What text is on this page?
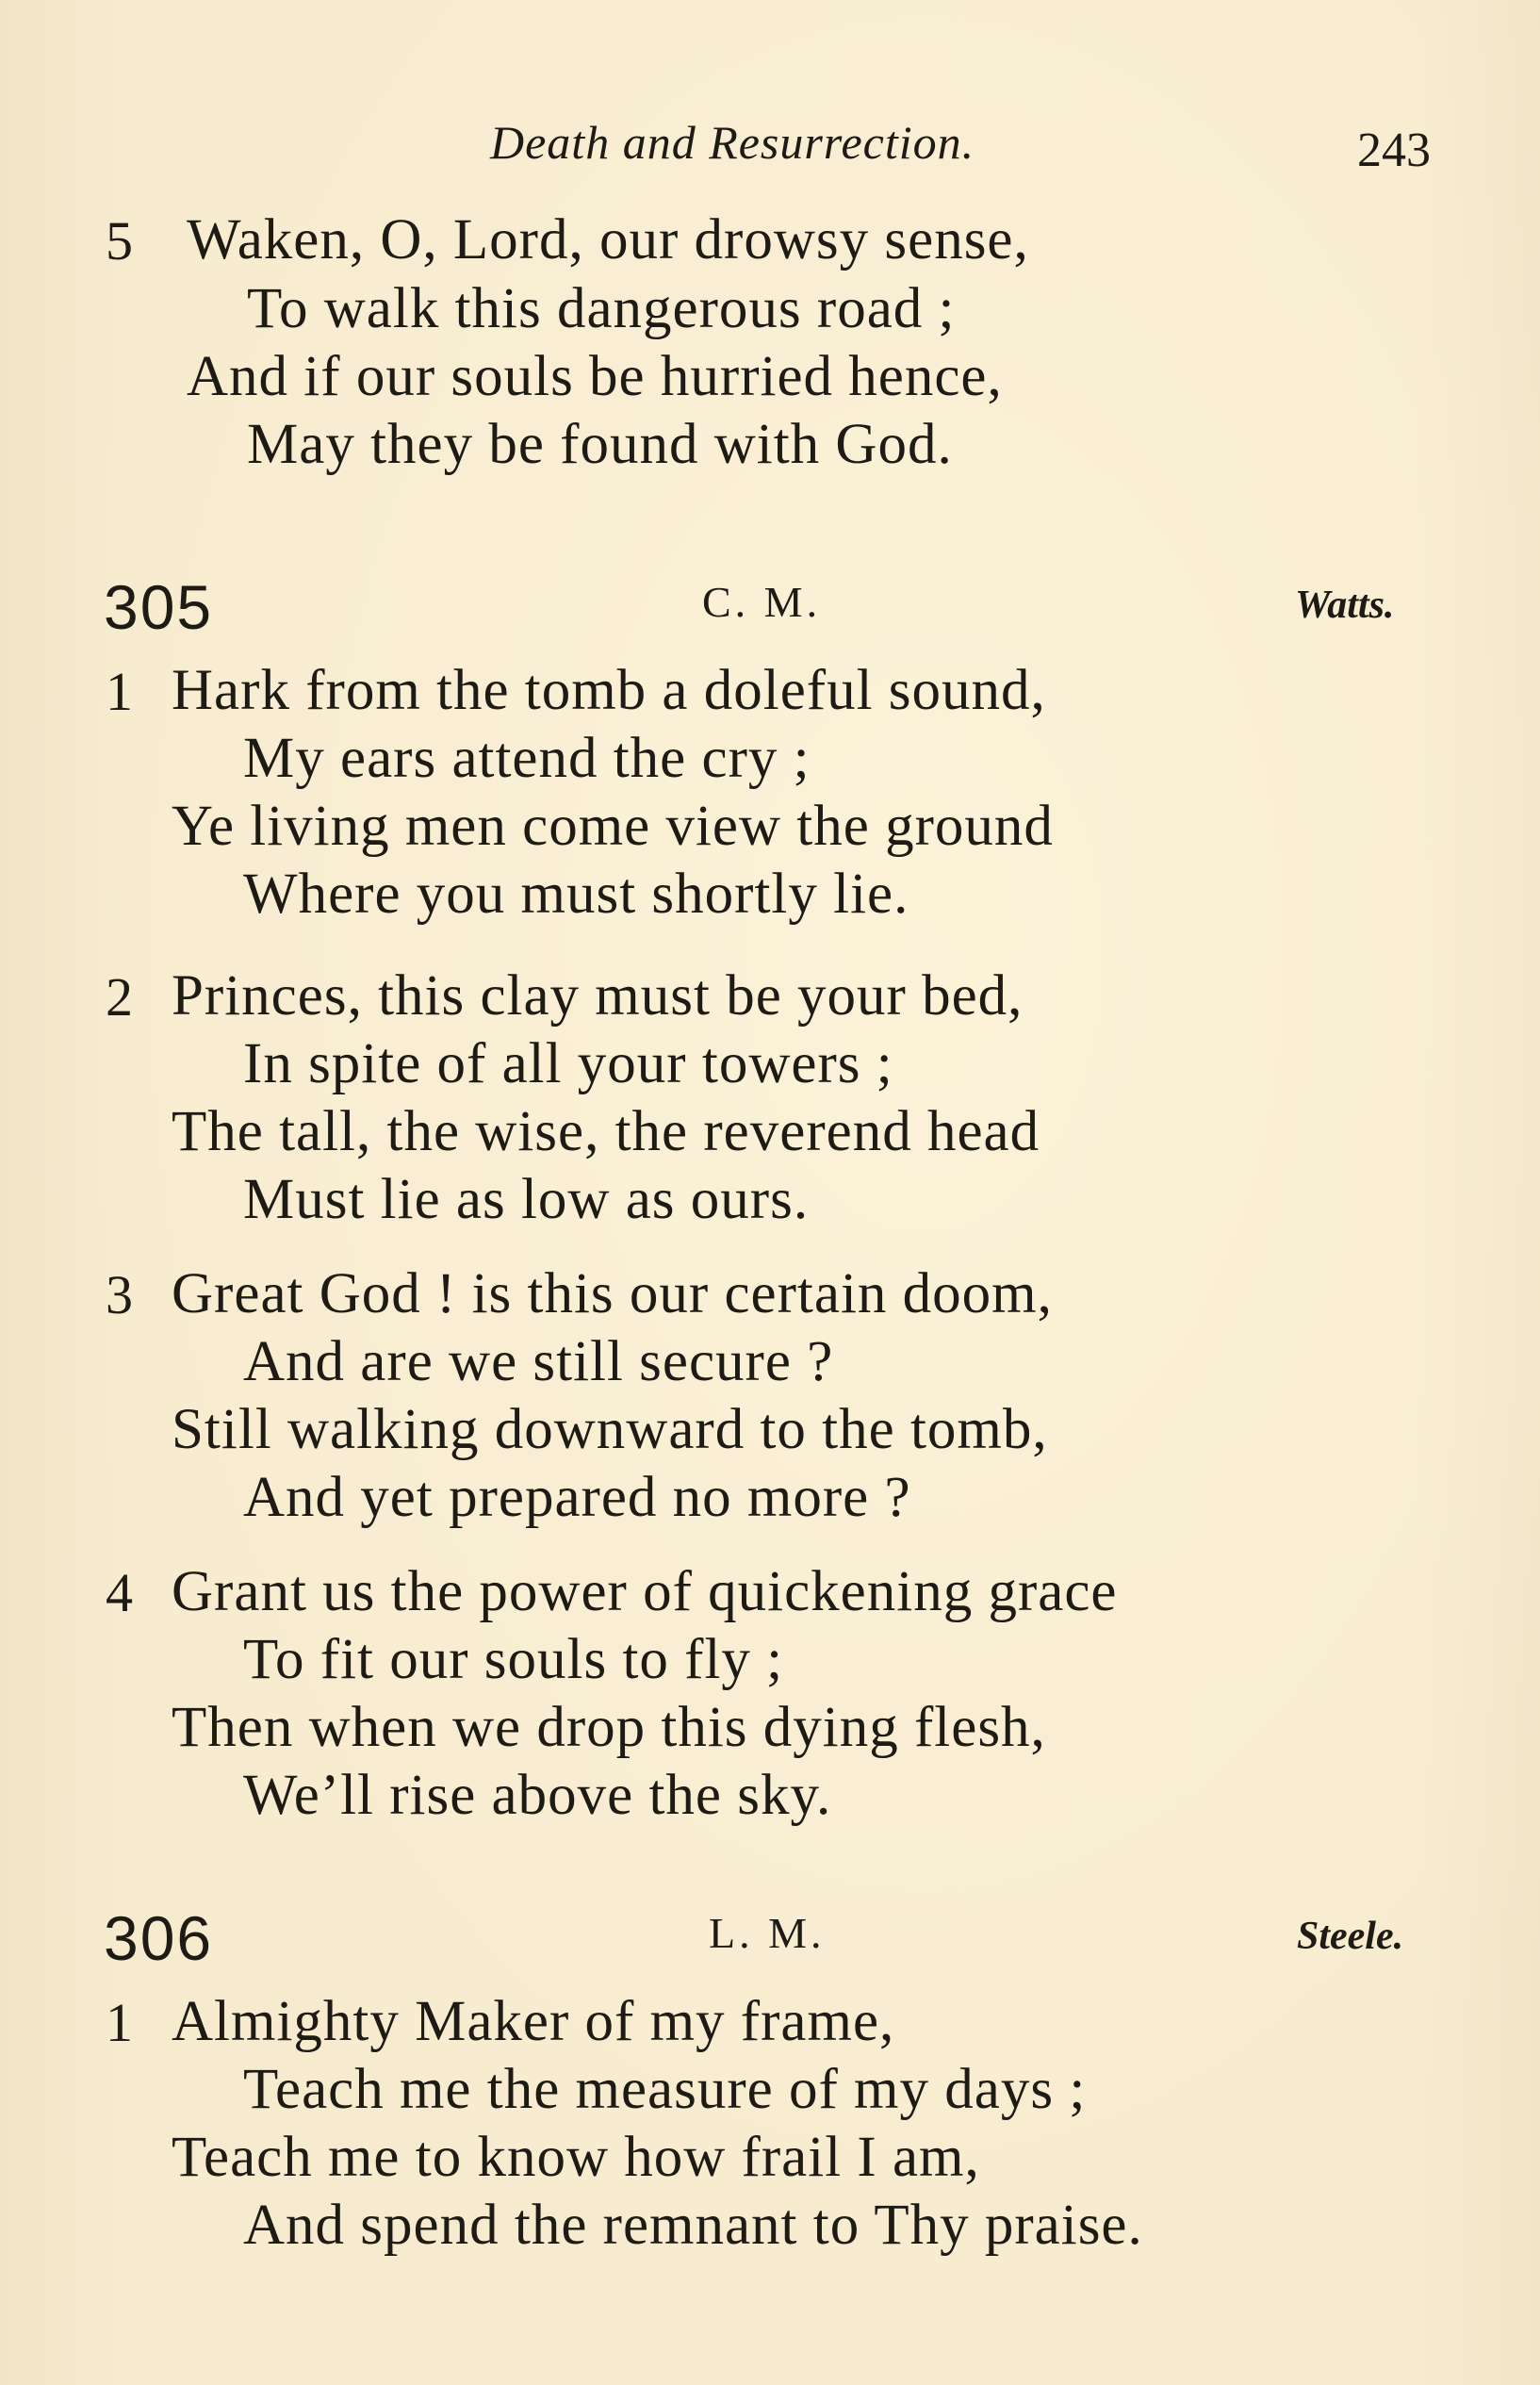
Death and Resurrection.	243
5 Waken, O, Lord, our drowsy sense,
To walk this dangerous road ;
And if our souls be hurried hence,
May they be found with God.
305	C. M.	Watts.
1 Hark from the tomb a doleful sound,
My ears attend the cry ;
Ye living men come view the ground
Where you must shortly lie.
2 Princes, this clay must be your bed,
In spite of all your towers ;
The tall, the wise, the reverend head
Must lie as low as ours.
3 Great God ! is this our certain doom,
And are we still secure ?
Still walking downward to the tomb,
And yet prepared no more ?
4 Grant us the power of quickening grace
To fit our souls to fly ;
Then when we drop this dying flesh,
We’ll rise above the sky.
306	L. M.	Steele.
1 Almighty Maker of my frame,
Teach me the measure of my days ;
Teach me to know how frail I am,
And spend the remnant to Thy praise.
